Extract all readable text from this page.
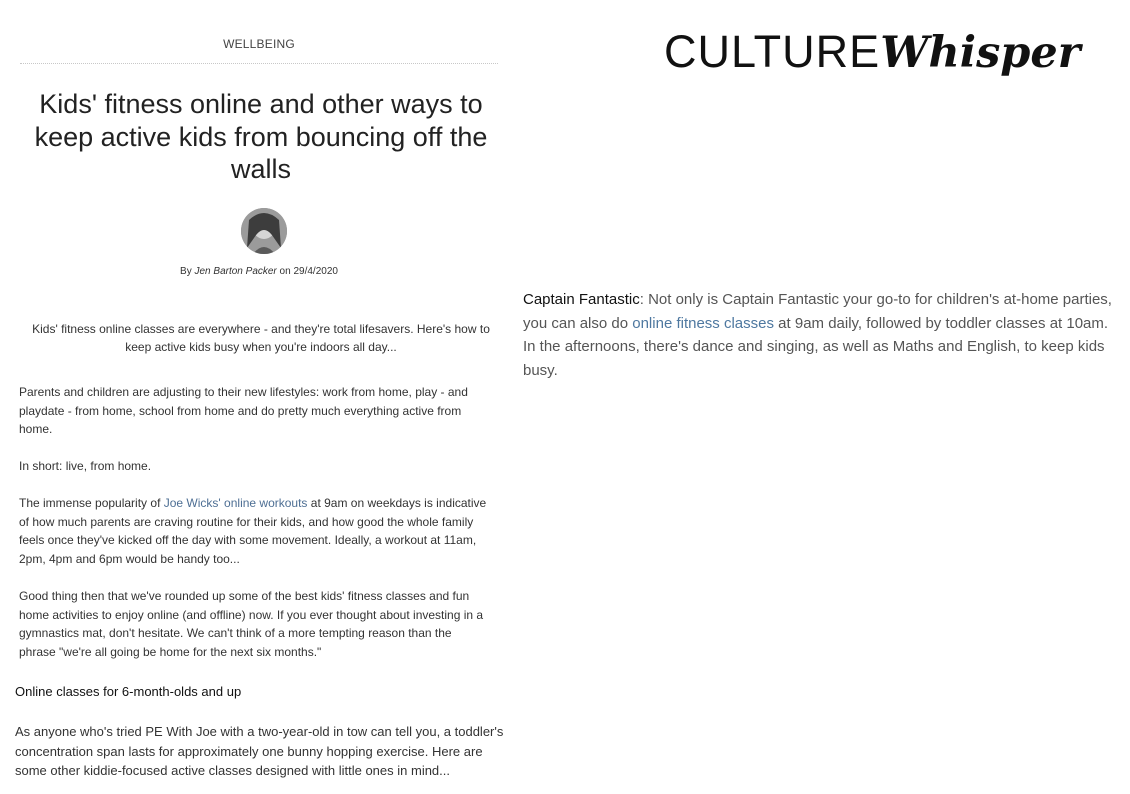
WELLBEING
Kids' fitness online and other ways to keep active kids from bouncing off the walls
By Jen Barton Packer on 29/4/2020
Kids' fitness online classes are everywhere - and they're total lifesavers. Here's how to keep active kids busy when you're indoors all day...
Parents and children are adjusting to their new lifestyles: work from home, play - and playdate - from home, school from home and do pretty much everything active from home.
In short: live, from home.
The immense popularity of Joe Wicks' online workouts at 9am on weekdays is indicative of how much parents are craving routine for their kids, and how good the whole family feels once they've kicked off the day with some movement. Ideally, a workout at 11am, 2pm, 4pm and 6pm would be handy too...
Good thing then that we've rounded up some of the best kids' fitness classes and fun home activities to enjoy online (and offline) now. If you ever thought about investing in a gymnastics mat, don't hesitate. We can't think of a more tempting reason than the phrase "we're all going be home for the next six months."
Online classes for 6-month-olds and up
As anyone who's tried PE With Joe with a two-year-old in tow can tell you, a toddler's concentration span lasts for approximately one bunny hopping exercise. Here are some other kiddie-focused active classes designed with little ones in mind...
CULTUREWhisper
Captain Fantastic: Not only is Captain Fantastic your go-to for children's at-home parties, you can also do online fitness classes at 9am daily, followed by toddler classes at 10am. In the afternoons, there's dance and singing, as well as Maths and English, to keep kids busy.
